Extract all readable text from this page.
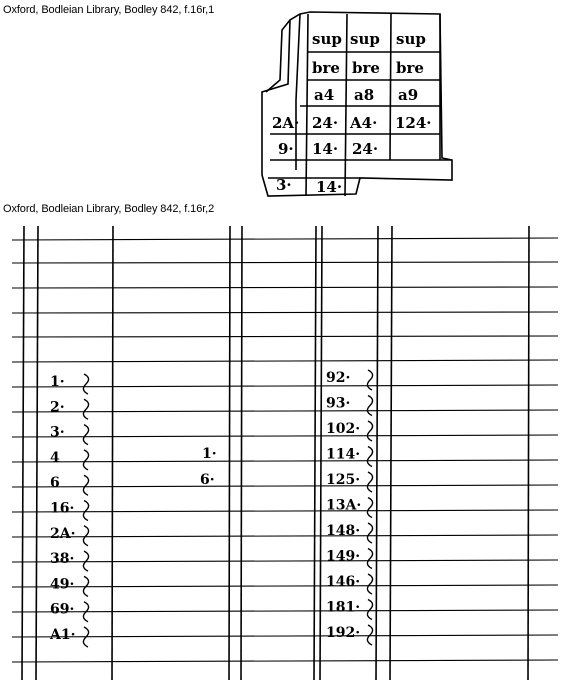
Oxford, Bodleian Library, Bodley 842, f.16r,1
Oxford, Bodleian Library, Bodley 842, f.16r,2
sup sup sup
bre bre bre
a4 a8 a9
2A· 24· A4· 124·
9· 14· 24·
3· 14·
1·
2·
3·
4
6
16·
2A·
38·
49·
69·
A1·
1·
6·
92·
93·
102·
114·
125·
13A·
148·
149·
146·
181·
192·
